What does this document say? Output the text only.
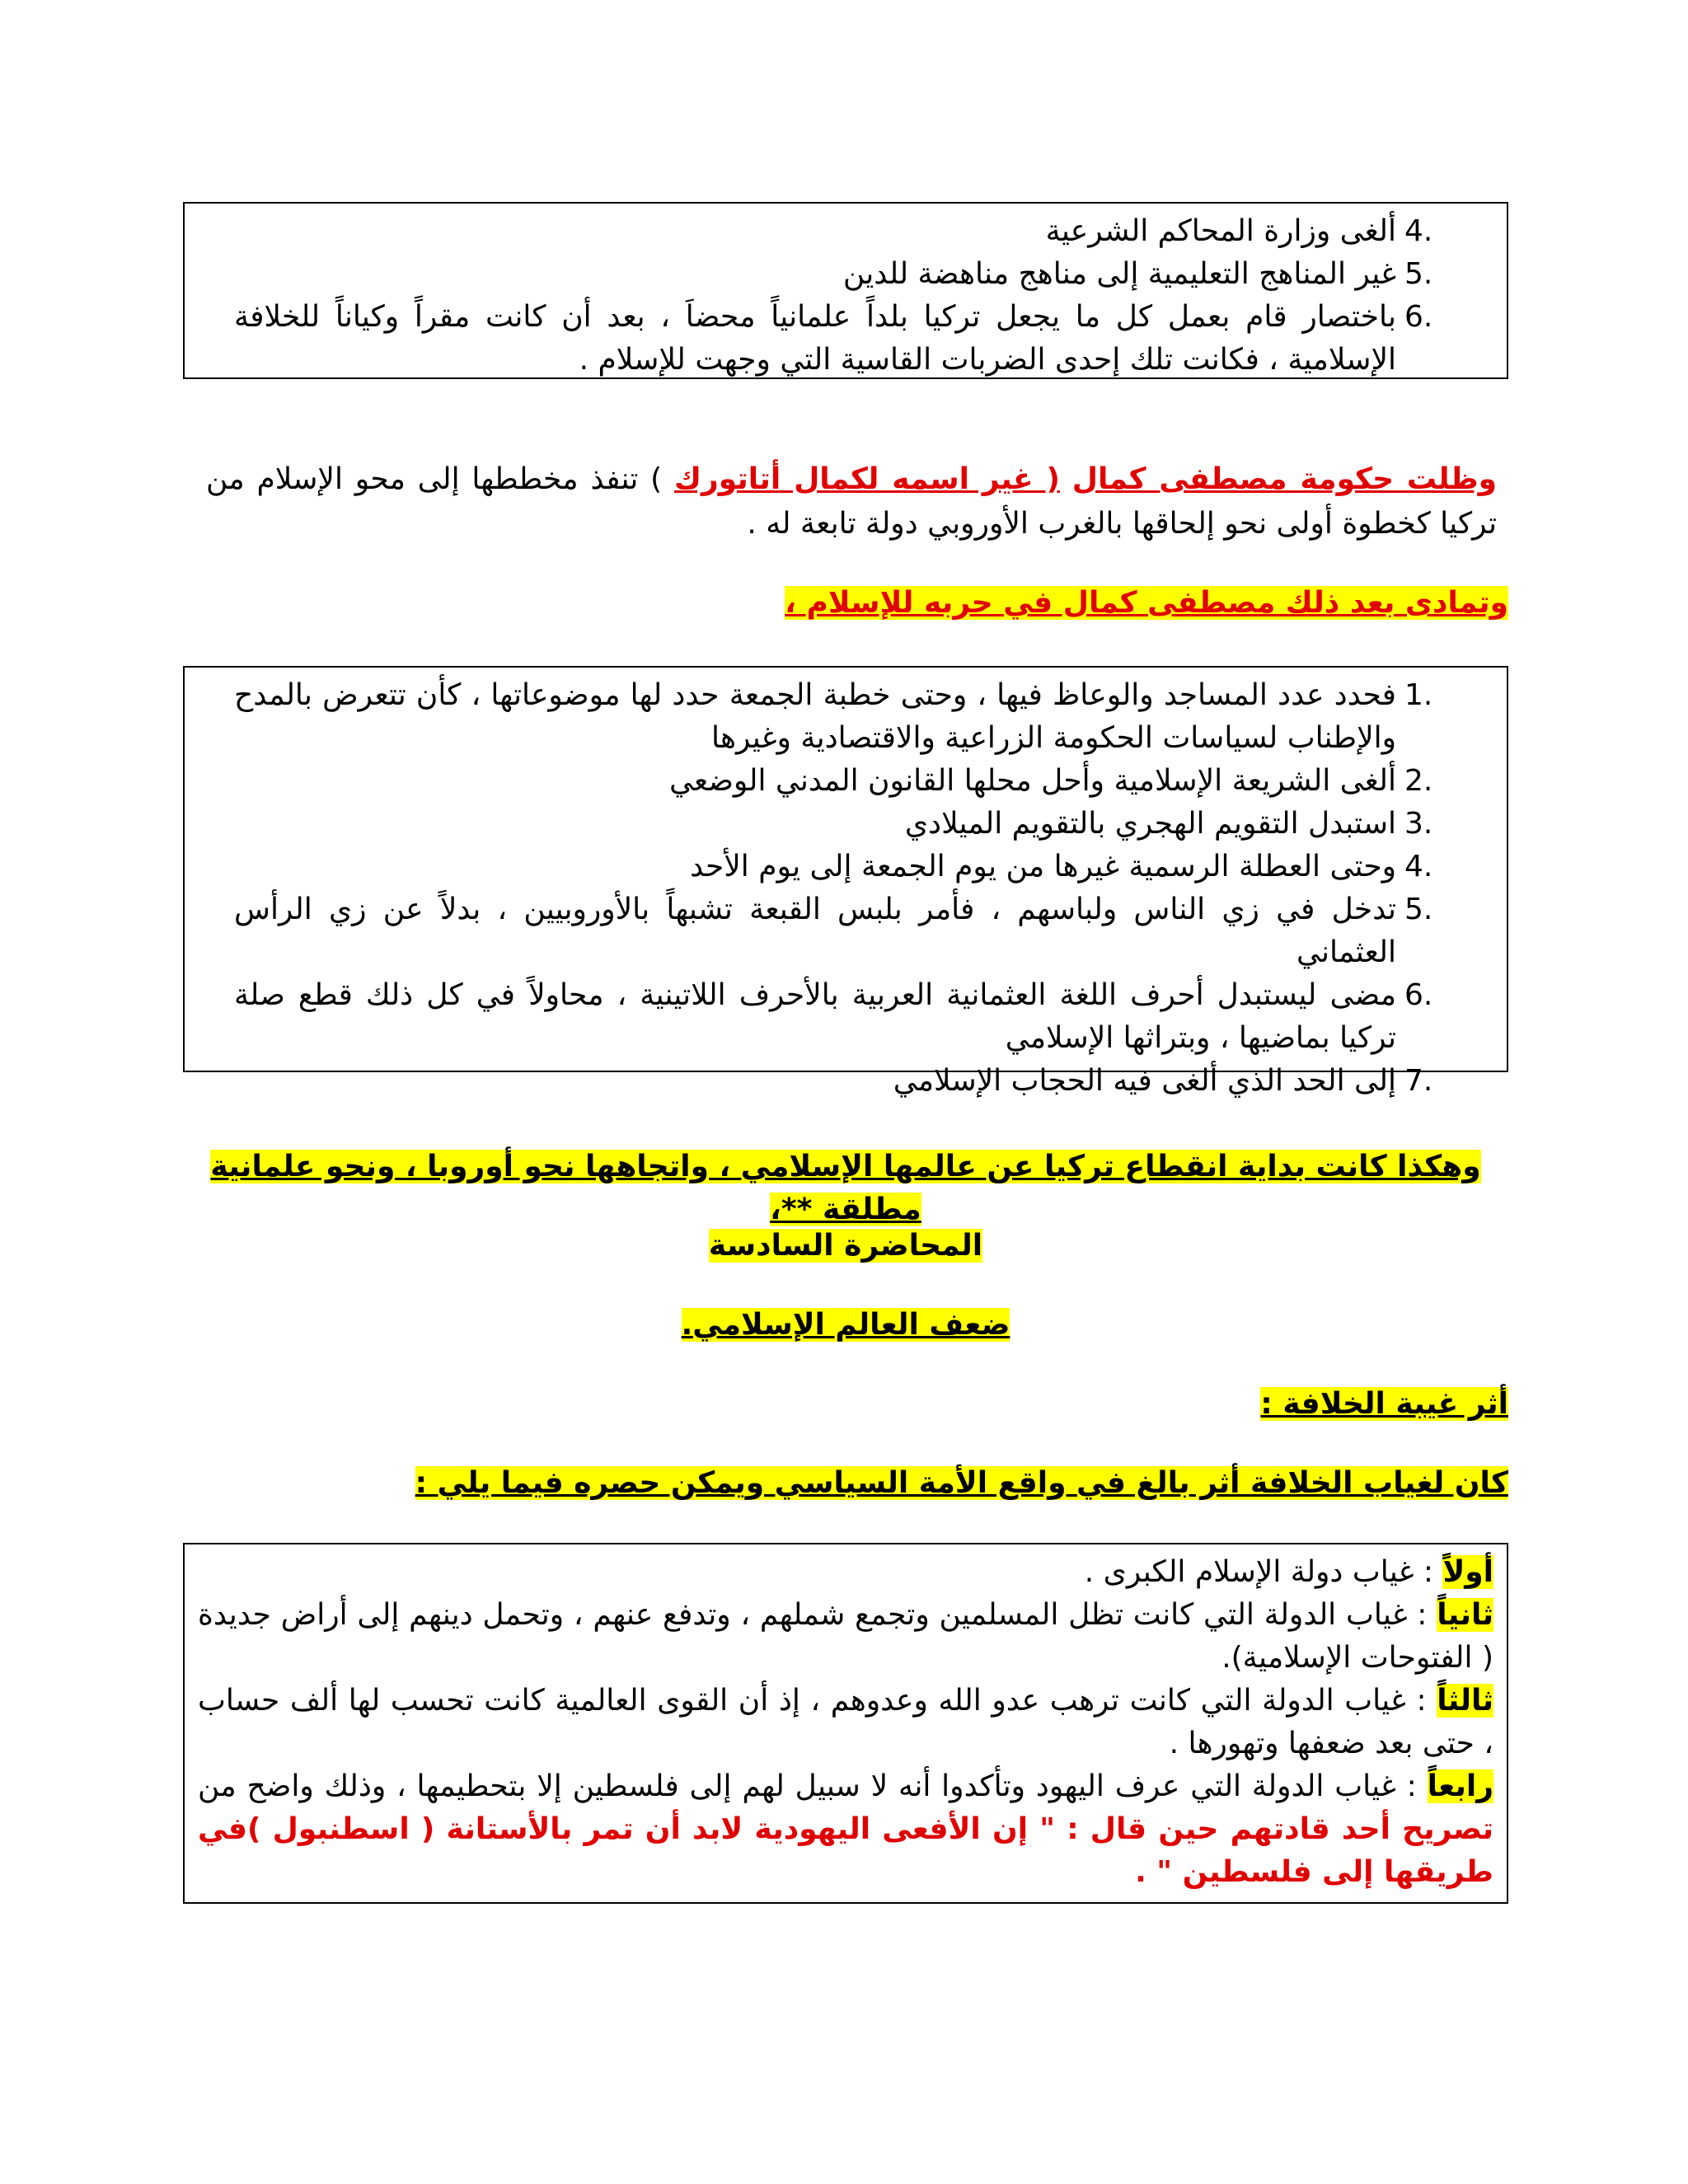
4.
ألغى وزارة المحاكم الشرعية
5.
غير المناهج التعليمية إلى مناهج مناهضة للدين
6.
باختصار قام بعمل كل ما يجعل تركيا بلداً علمانياً محضاَ ، بعد أن كانت مقراً وكياناً للخلافة الإسلامية ، فكانت تلك إحدى الضربات القاسية التي وجهت للإسلام .

وظلت حكومة مصطفى كمال ( غير اسمه لكمال أتاتورك ) تنفذ مخططها إلى محو الإسلام من تركيا كخطوة أولى نحو إلحاقها بالغرب الأوروبي دولة تابعة له .

وتمادى بعد ذلك مصطفى كمال في حربه للإسلام ،

1.
فحدد عدد المساجد والوعاظ فيها ، وحتى خطبة الجمعة حدد لها موضوعاتها ، كأن تتعرض بالمدح والإطناب لسياسات الحكومة الزراعية والاقتصادية وغيرها
2.
ألغى الشريعة الإسلامية وأحل محلها القانون المدني الوضعي
3.
استبدل التقويم الهجري بالتقويم الميلادي
4.
وحتى العطلة الرسمية غيرها من يوم الجمعة إلى يوم الأحد
5.
تدخل في زي الناس ولباسهم ، فأمر بلبس القبعة تشبهاً بالأوروبيين ، بدلاً عن زي الرأس العثماني
6.
مضى ليستبدل أحرف اللغة العثمانية العربية بالأحرف اللاتينية ، محاولاً في كل ذلك قطع صلة تركيا بماضيها ، وبتراثها الإسلامي
7.
إلى الحد الذي ألغى فيه الحجاب الإسلامي

وهكذا كانت بداية انقطاع تركيا عن عالمها الإسلامي ، واتجاهها نحو أوروبا ، ونحو علمانية مطلقة **،

المحاضرة السادسة

ضعف العالم الإسلامي.

أثر غيبة الخلافة :

كان لغياب الخلافة أثر بالغ في واقع الأمة السياسي ويمكن حصره فيما يلي :

أولاً : غياب دولة الإسلام الكبرى .

ثانياً : غياب الدولة التي كانت تظل المسلمين وتجمع شملهم ، وتدفع عنهم ، وتحمل دينهم إلى أراض جديدة ( الفتوحات الإسلامية).

ثالثاً : غياب الدولة التي كانت ترهب عدو الله وعدوهم ، إذ أن القوى العالمية كانت تحسب لها ألف حساب ، حتى بعد ضعفها وتهورها .

رابعاً : غياب الدولة التي عرف اليهود وتأكدوا أنه لا سبيل لهم إلى فلسطين إلا بتحطيمها ، وذلك واضح من تصريح أحد قادتهم حين قال : " إن الأفعى اليهودية لابد أن تمر بالأستانة ( اسطنبول )في طريقها إلى فلسطين " .
